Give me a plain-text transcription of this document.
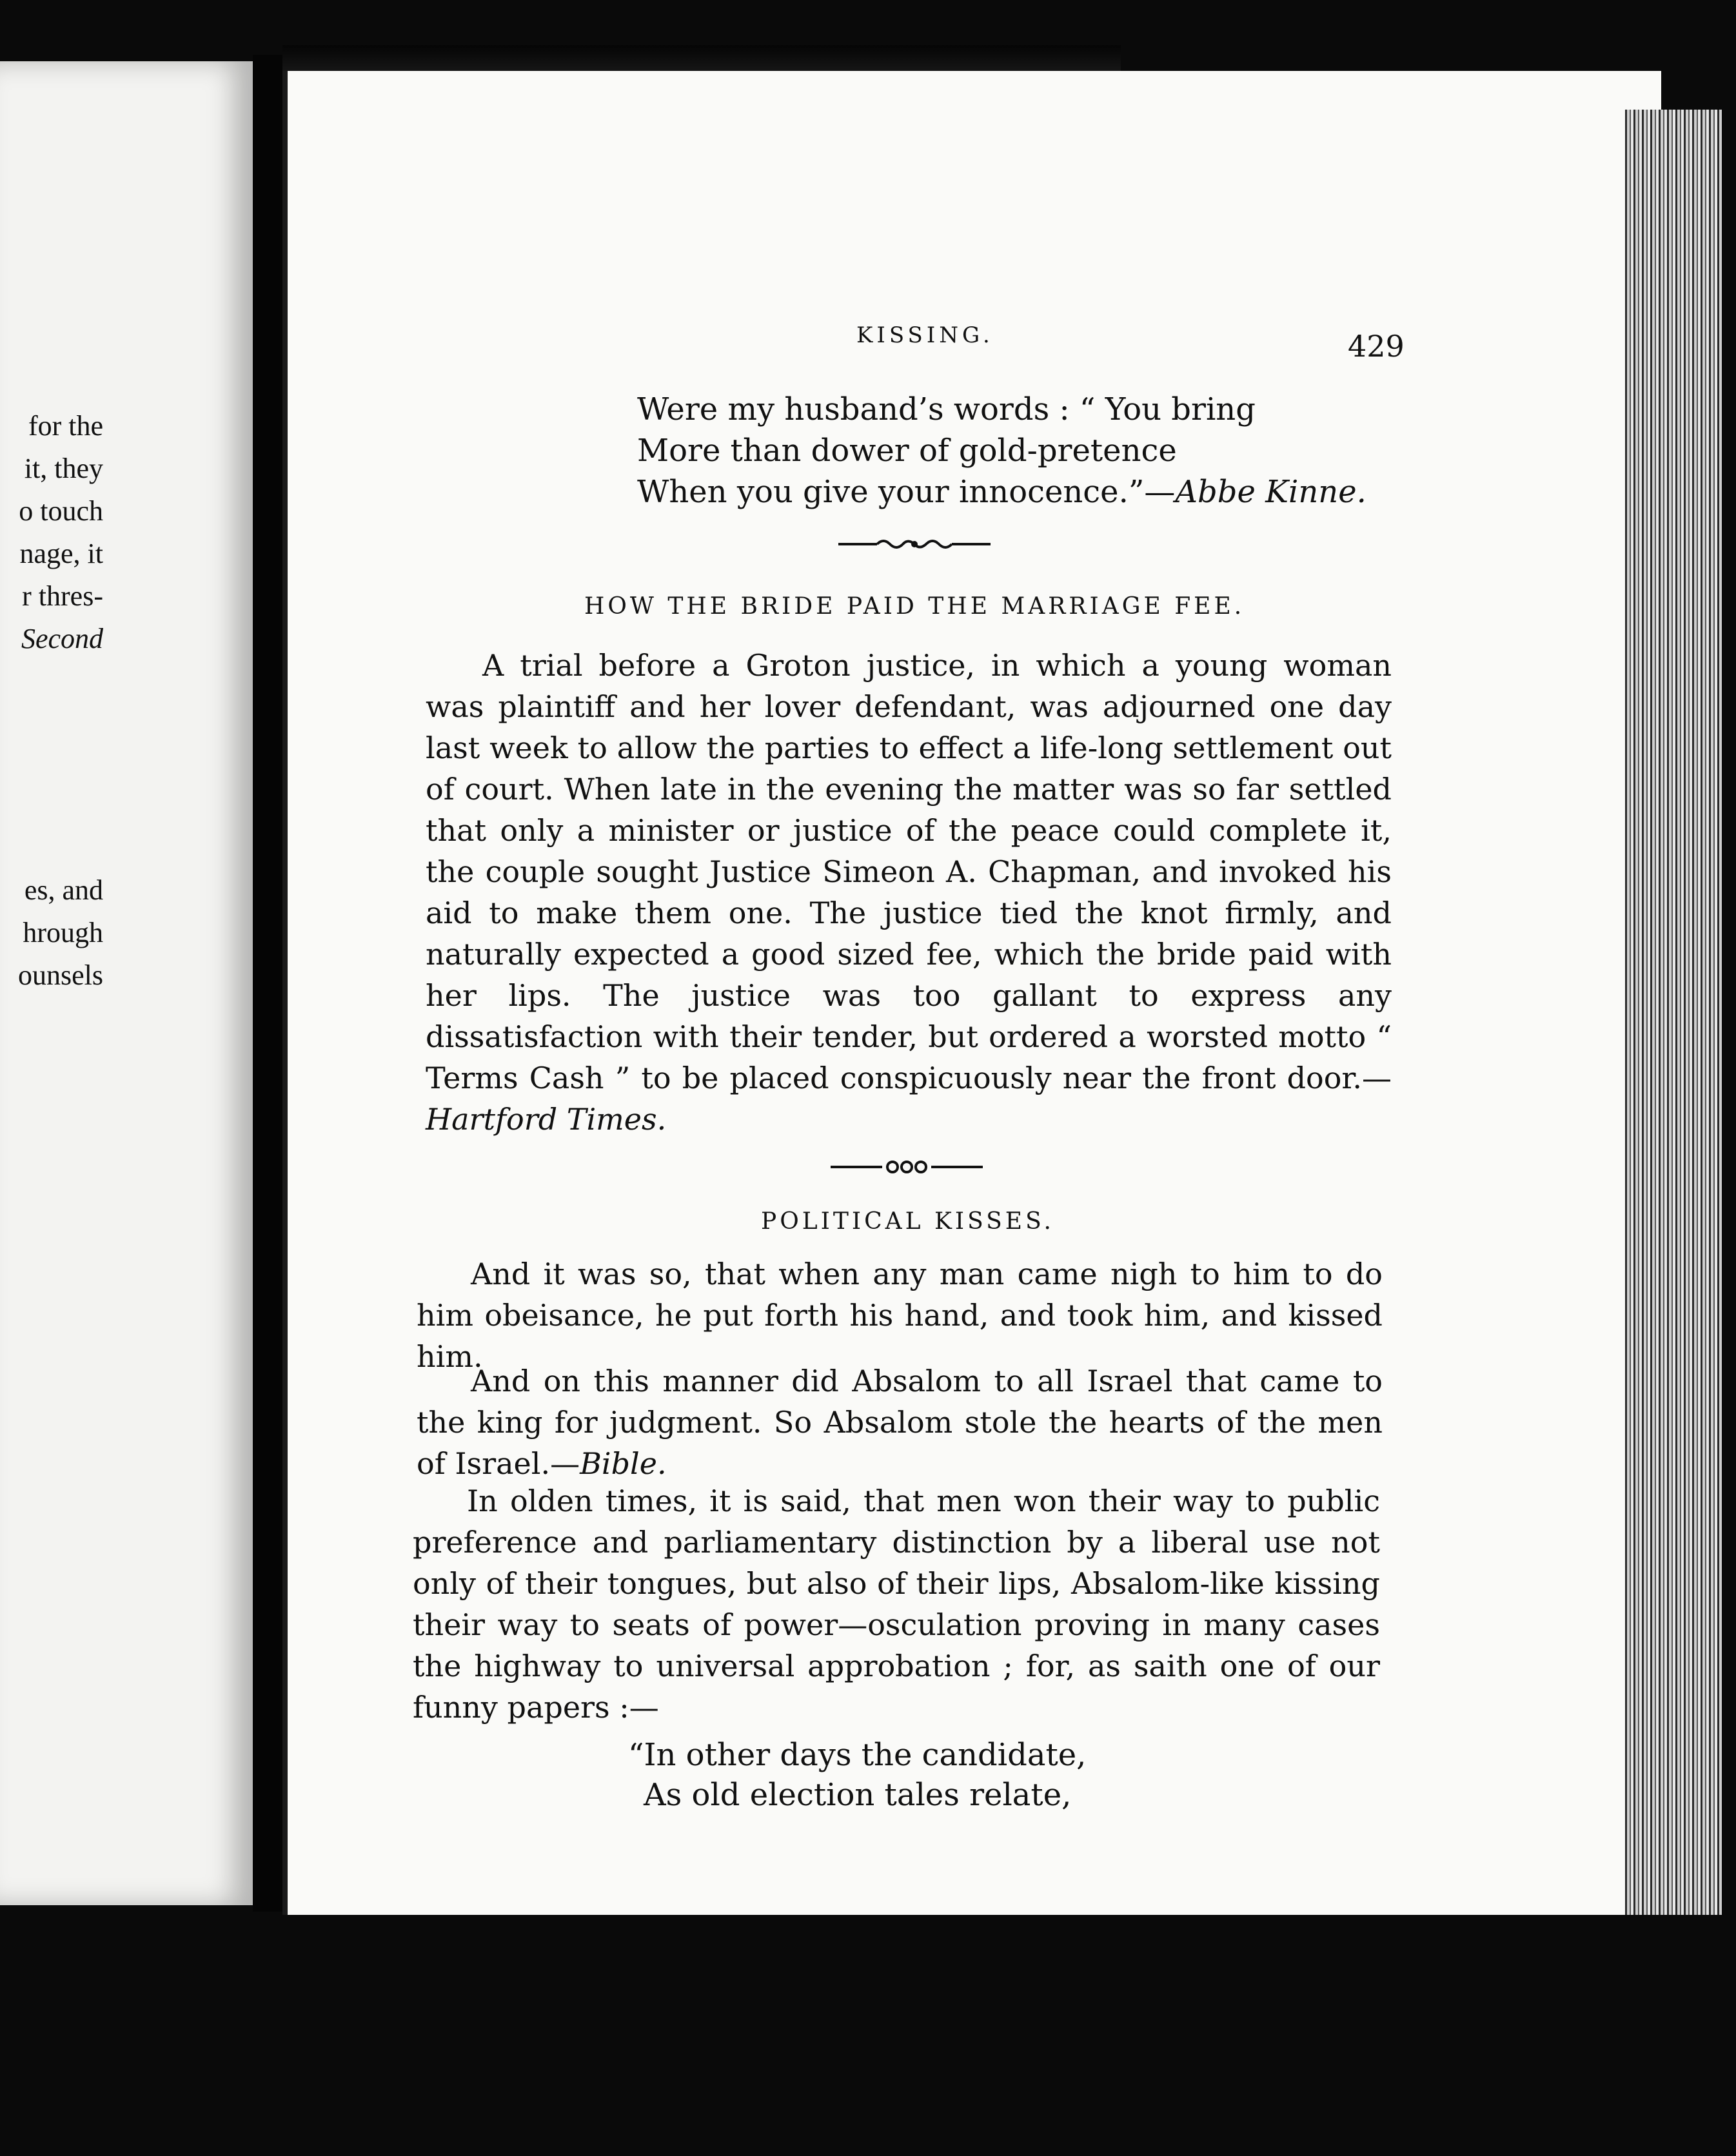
for the

it, they

o touch

nage, it

r thres-

Second

es, and

hrough

ounsels

KISSING.	429

Were my husband’s words : “ You bring

More than dower of gold-pretence

When you give your innocence.”—Abbe Kinne.

HOW THE BRIDE PAID THE MARRIAGE FEE.

A trial before a Groton justice, in which a young woman was plaintiff and her lover defendant, was adjourned one day last week to allow the parties to effect a life-long settlement out of court. When late in the evening the matter was so far settled that only a minister or justice of the peace could complete it, the couple sought Justice Simeon A. Chapman, and invoked his aid to make them one. The justice tied the knot firmly, and naturally expected a good sized fee, which the bride paid with her lips. The justice was too gallant to express any dissatisfaction with their tender, but ordered a worsted motto “ Terms Cash ” to be placed conspicuously near the front door.—Hartford Times.

POLITICAL KISSES.

And it was so, that when any man came nigh to him to do him obeisance, he put forth his hand, and took him, and kissed him.
And on this manner did Absalom to all Israel that came to the king for judgment. So Absalom stole the hearts of the men of Israel.—Bible.
In olden times, it is said, that men won their way to public preference and parliamentary distinction by a liberal use not only of their tongues, but also of their lips, Absalom-like kissing their way to seats of power—osculation proving in many cases the highway to universal approbation ; for, as saith one of our funny papers :—

“In other days the candidate,

As old election tales relate,
